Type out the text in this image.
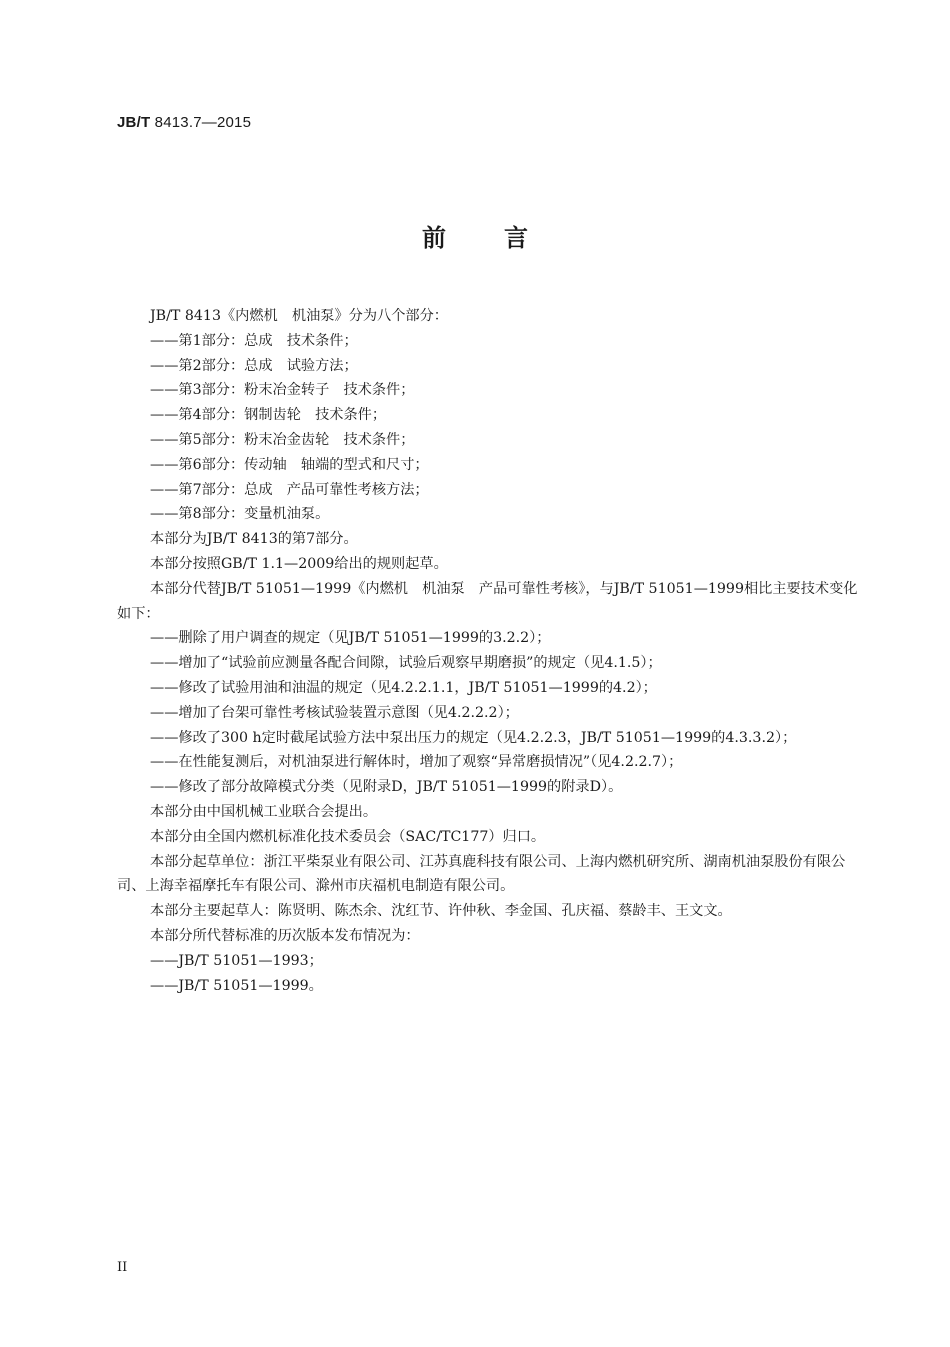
JB/T 8413.7—2015
前言

JB/T 8413《内燃机　机油泵》分为八个部分：

——第1部分：总成　技术条件；

——第2部分：总成　试验方法；

——第3部分：粉末冶金转子　技术条件；

——第4部分：钢制齿轮　技术条件；

——第5部分：粉末冶金齿轮　技术条件；

——第6部分：传动轴　轴端的型式和尺寸；

——第7部分：总成　产品可靠性考核方法；

——第8部分：变量机油泵。

本部分为JB/T 8413的第7部分。

本部分按照GB/T 1.1—2009给出的规则起草。

本部分代替JB/T 51051—1999《内燃机　机油泵　产品可靠性考核》，与JB/T 51051—1999相比主要技术变化如下：

——删除了用户调查的规定（见JB/T 51051—1999的3.2.2）；

——增加了“试验前应测量各配合间隙，试验后观察早期磨损”的规定（见4.1.5）；

——修改了试验用油和油温的规定（见4.2.2.1.1，JB/T 51051—1999的4.2）；

——增加了台架可靠性考核试验装置示意图（见4.2.2.2）；

——修改了300 h定时截尾试验方法中泵出压力的规定（见4.2.2.3，JB/T 51051—1999的4.3.3.2）；

——在性能复测后，对机油泵进行解体时，增加了观察“异常磨损情况”（见4.2.2.7）；

——修改了部分故障模式分类（见附录D，JB/T 51051—1999的附录D）。

本部分由中国机械工业联合会提出。

本部分由全国内燃机标准化技术委员会（SAC/TC177）归口。

本部分起草单位：浙江平柴泵业有限公司、江苏真鹿科技有限公司、上海内燃机研究所、湖南机油泵股份有限公司、上海幸福摩托车有限公司、滁州市庆福机电制造有限公司。

本部分主要起草人：陈贤明、陈杰余、沈红节、许仲秋、李金国、孔庆福、蔡龄丰、王文文。

本部分所代替标准的历次版本发布情况为：

——JB/T 51051—1993；

——JB/T 51051—1999。

II
